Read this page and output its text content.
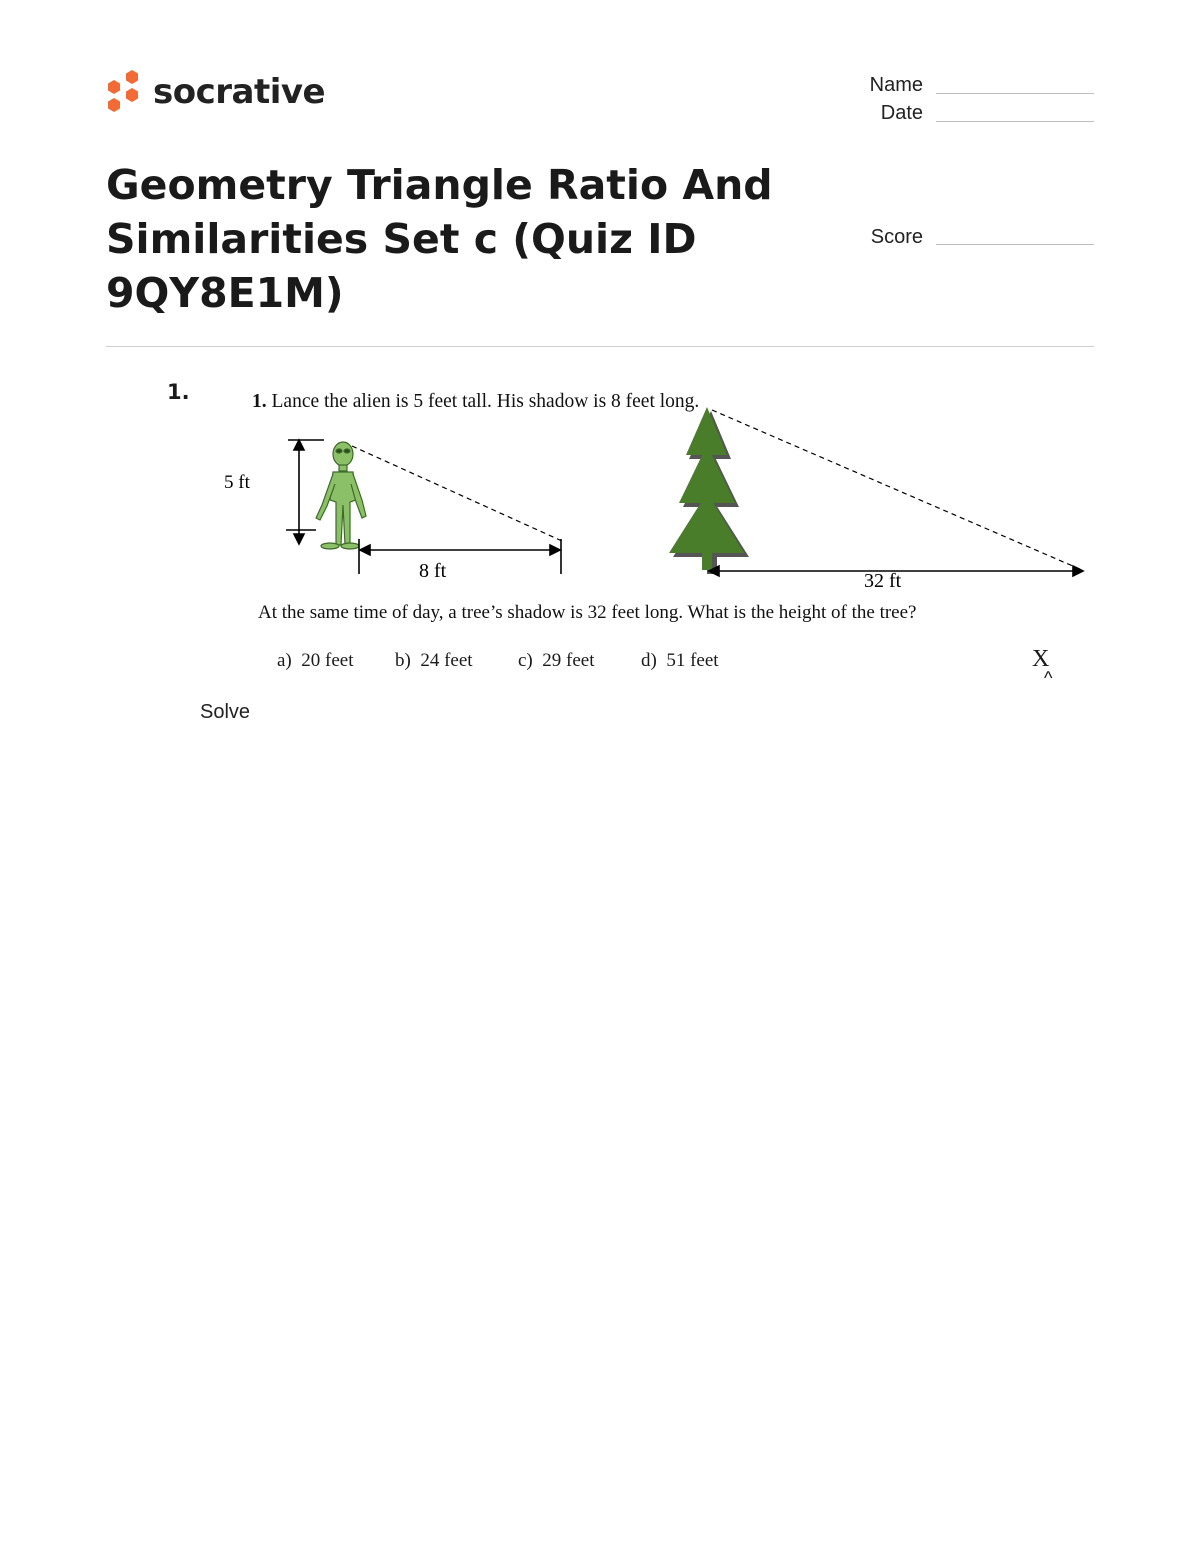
socrative	Name
Date
Score
Geometry Triangle Ratio And Similarities Set c (Quiz ID 9QY8E1M)
1.	1. Lance the alien is 5 feet tall. His shadow is 8 feet long.
5 ft
8 ft	32 ft
At the same time of day, a tree’s shadow is 32 feet long. What is the height of the tree?
a) 20 feet b) 24 feet c) 29 feet d) 51 feet	X
^
Solve
